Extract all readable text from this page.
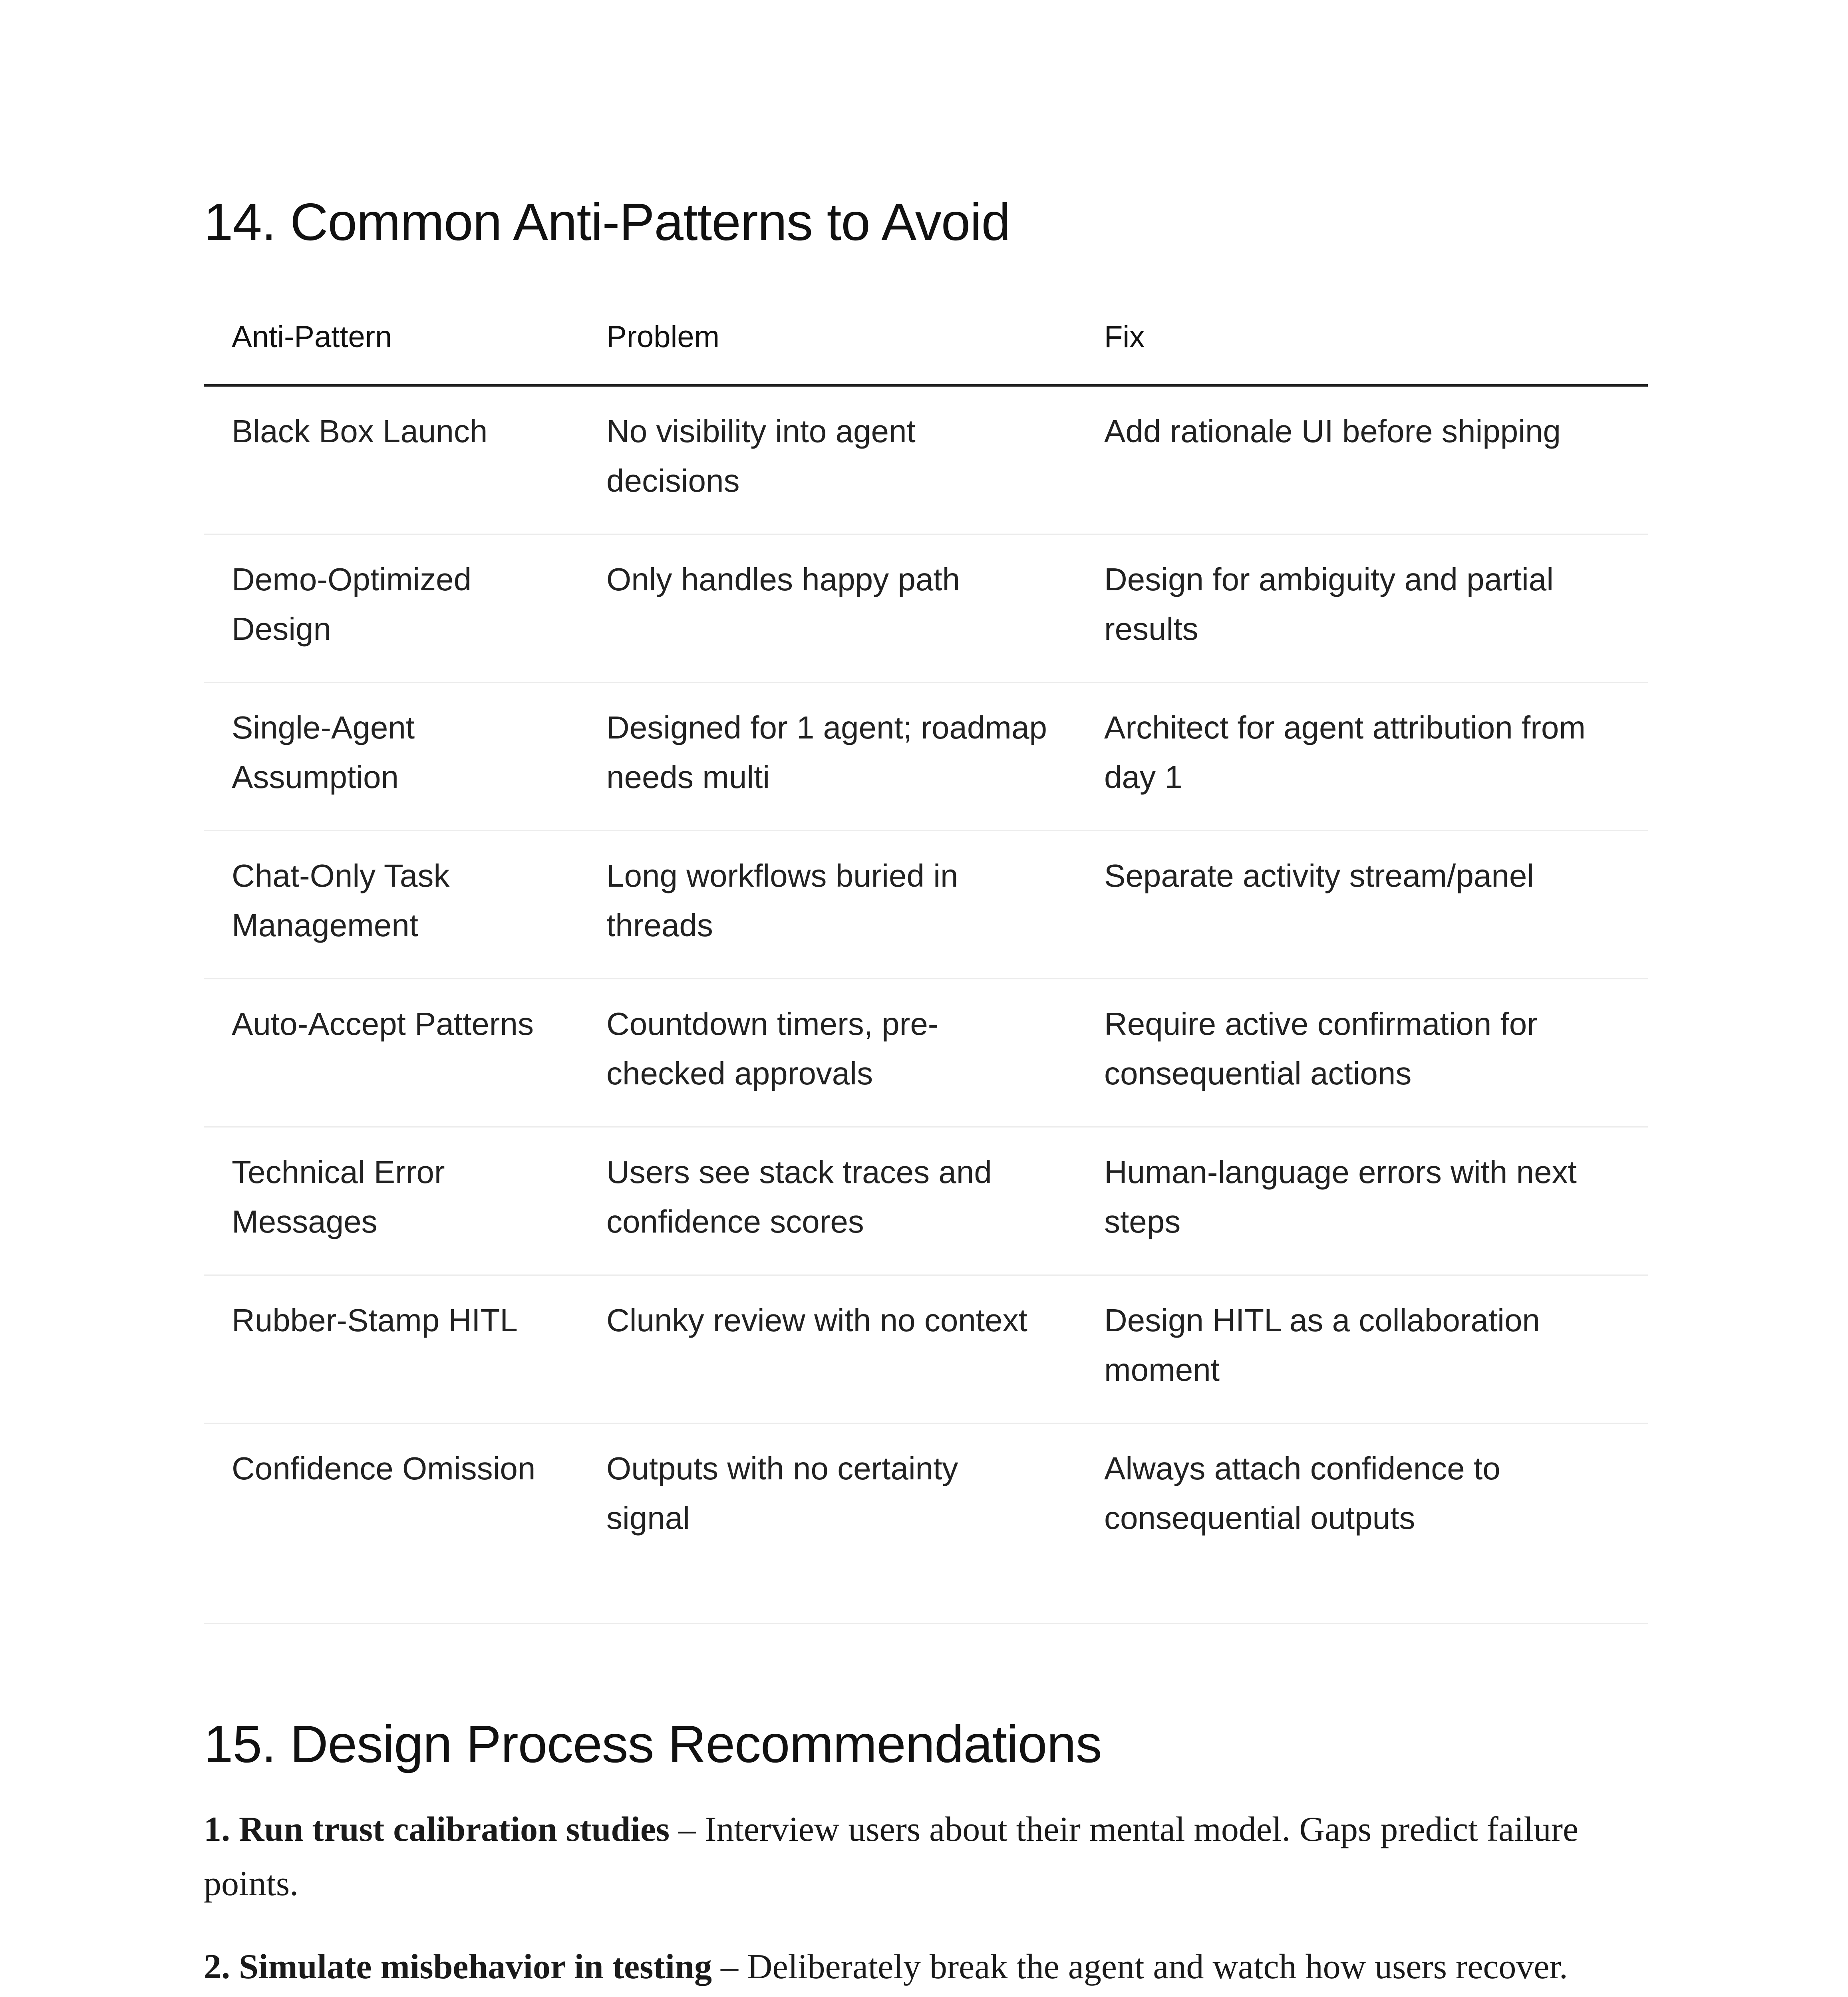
14. Common Anti-Patterns to Avoid
Anti-Pattern	Problem	Fix
Black Box Launch	No visibility into agent decisions	Add rationale UI before shipping
Demo-Optimized Design	Only handles happy path	Design for ambiguity and partial results
Single-Agent Assumption	Designed for 1 agent; roadmap needs multi	Architect for agent attribution from day 1
Chat-Only Task Management	Long workflows buried in threads	Separate activity stream/panel
Auto-Accept Patterns	Countdown timers, pre-checked approvals	Require active confirmation for consequential actions
Technical Error Messages	Users see stack traces and confidence scores	Human-language errors with next steps
Rubber-Stamp HITL	Clunky review with no context	Design HITL as a collaboration moment
Confidence Omission	Outputs with no certainty signal	Always attach confidence to consequential outputs
15. Design Process Recommendations

1. Run trust calibration studies – Interview users about their mental model. Gaps predict failure points.

2. Simulate misbehavior in testing – Deliberately break the agent and watch how users recover.
